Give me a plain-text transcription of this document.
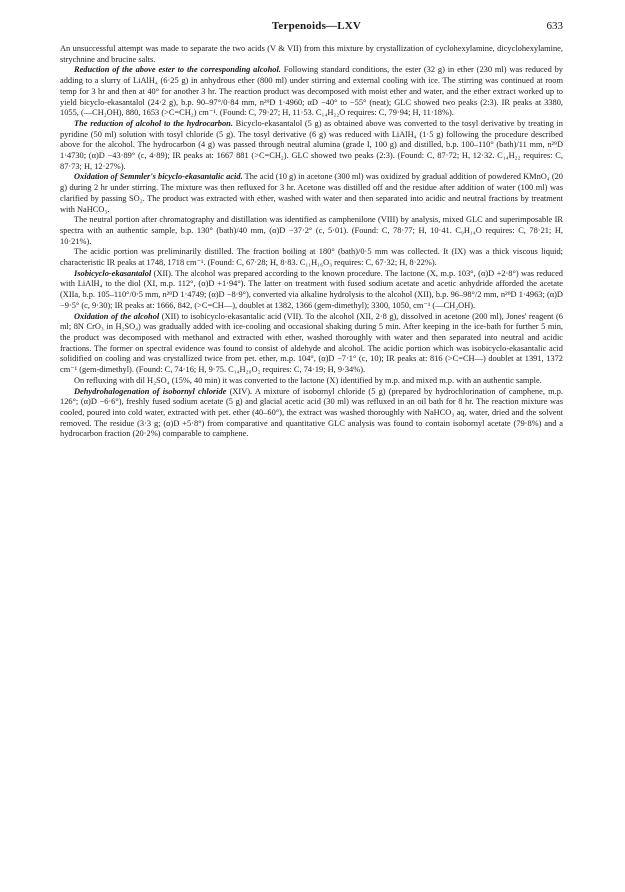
Terpenoids—LXV	633

An unsuccessful attempt was made to separate the two acids (V & VII) from this mixture by crystallization of cyclohexylamine, dicyclohexylamine, strychnine and brucine salts.

Reduction of the above ester to the corresponding alcohol. Following standard conditions, the ester (32 g) in ether (230 ml) was reduced by adding to a slurry of LiAlH₄ (6·25 g) in anhydrous ether (800 ml) under stirring and external cooling with ice. The stirring was continued at room temp for 3 hr and then at 40° for another 3 hr. The reaction product was decomposed with moist ether and water, and the ether extract worked up to yield bicyclo-ekasantalol (24·2 g), b.p. 90–97°/0·84 mm, n²⁹D 1·4960; αD −40° to −55° (neat); GLC showed two peaks (2:3). IR peaks at 3380, 1055, (—CH₂OH), 880, 1653 (>C=CH₂) cm⁻¹. (Found: C, 79·27; H, 11·53. C₁₄H₂₂O requires: C, 79·94; H, 11·18%).

The reduction of alcohol to the hydrocarbon. Bicyclo-ekasantalol (5 g) as obtained above was converted to the tosyl derivative by treating in pyridine (50 ml) solution with tosyl chloride (5 g). The tosyl derivative (6 g) was reduced with LiAlH₄ (1·5 g) following the procedure described above for the alcohol. The hydrocarbon (4 g) was passed through neutral alumina (grade I, 100 g) and distilled, b.p. 100–110° (bath)/11 mm, n²⁹D 1·4730; (α)D −43·89° (c, 4·89); IR peaks at: 1667 881 (>C=CH₂). GLC showed two peaks (2:3). (Found: C, 87·72; H, 12·32. C₁₄H₂₂ requires: C, 87·73; H, 12·27%).

Oxidation of Semmler's bicyclo-ekasantalic acid. The acid (10 g) in acetone (300 ml) was oxidized by gradual addition of powdered KMnO₄ (20 g) during 2 hr under stirring. The mixture was then refluxed for 3 hr. Acetone was distilled off and the residue after addition of water (100 ml) was clarified by passing SO₂. The product was extracted with ether, washed with water and then separated into acidic and neutral fractions by treatment with NaHCO₃.

The neutral portion after chromatography and distillation was identified as camphenilone (VIII) by analysis, mixed GLC and superimposable IR spectra with an authentic sample, b.p. 130° (bath)/40 mm, (α)D −37·2° (c, 5·01). (Found: C, 78·77; H, 10·41. C₉H₁₄O requires: C, 78·21; H, 10·21%).

The acidic portion was preliminarily distilled. The fraction boiling at 180° (bath)/0·5 mm was collected. It (IX) was a thick viscous liquid; characteristic IR peaks at 1748, 1718 cm⁻¹. (Found: C, 67·28; H, 8·83. C₁₁H₁₆O₃ requires: C, 67·32; H, 8·22%).

Isobicyclo-ekasantalol (XII). The alcohol was prepared according to the known procedure. The lactone (X, m.p. 103°, (α)D +2·8°) was reduced with LiAlH₄ to the diol (XI, m.p. 112°, (α)D +1·94°). The latter on treatment with fused sodium acetate and acetic anhydride afforded the acetate (XIIa, b.p. 105–110°/0·5 mm, n²⁹D 1·4749; (α)D −8·9°), converted via alkaline hydrolysis to the alcohol (XII), b.p. 96–98°/2 mm, n²⁹D 1·4963; (α)D −9·5° (c, 9·30); IR peaks at: 1666, 842, (>C=CH—), doublet at 1382, 1366 (gem-dimethyl); 3300, 1050, cm⁻¹ (—CH₂OH).

Oxidation of the alcohol (XII) to isobicyclo-ekasantalic acid (VII). To the alcohol (XII, 2·8 g), dissolved in acetone (200 ml), Jones' reagent (6 ml; 8N CrO₃ in H₂SO₄) was gradually added with ice-cooling and occasional shaking during 5 min. After keeping in the ice-bath for further 5 min, the product was decomposed with methanol and extracted with ether, washed thoroughly with water and then separated into neutral and acidic fractions. The former on spectral evidence was found to consist of aldehyde and alcohol. The acidic portion which was isobicyclo-ekasantalic acid solidified on cooling and was crystallized twice from pet. ether, m.p. 104°, (α)D −7·1° (c, 10); IR peaks at: 816 (>C=CH—) doublet at 1391, 1372 cm⁻¹ (gem-dimethyl). (Found: C, 74·16; H, 9·75. C₁₄H₂₀O₂ requires: C, 74·19; H, 9·34%).

On refluxing with dil H₂SO₄ (15%, 40 min) it was converted to the lactone (X) identified by m.p. and mixed m.p. with an authentic sample.

Dehydrohalogenation of isobornyl chloride (XIV). A mixture of isobornyl chloride (5 g) (prepared by hydrochlorination of camphene, m.p. 126°; (α)D −6·6°), freshly fused sodium acetate (5 g) and glacial acetic acid (30 ml) was refluxed in an oil bath for 8 hr. The reaction mixture was cooled, poured into cold water, extracted with pet. ether (40–60°), the extract was washed thoroughly with NaHCO₃ aq, water, dried and the solvent removed. The residue (3·3 g; (α)D +5·8°) from comparative and quantitative GLC analysis was found to contain isobornyl acetate (79·8%) and a hydrocarbon fraction (20·2%) comparable to camphene.
